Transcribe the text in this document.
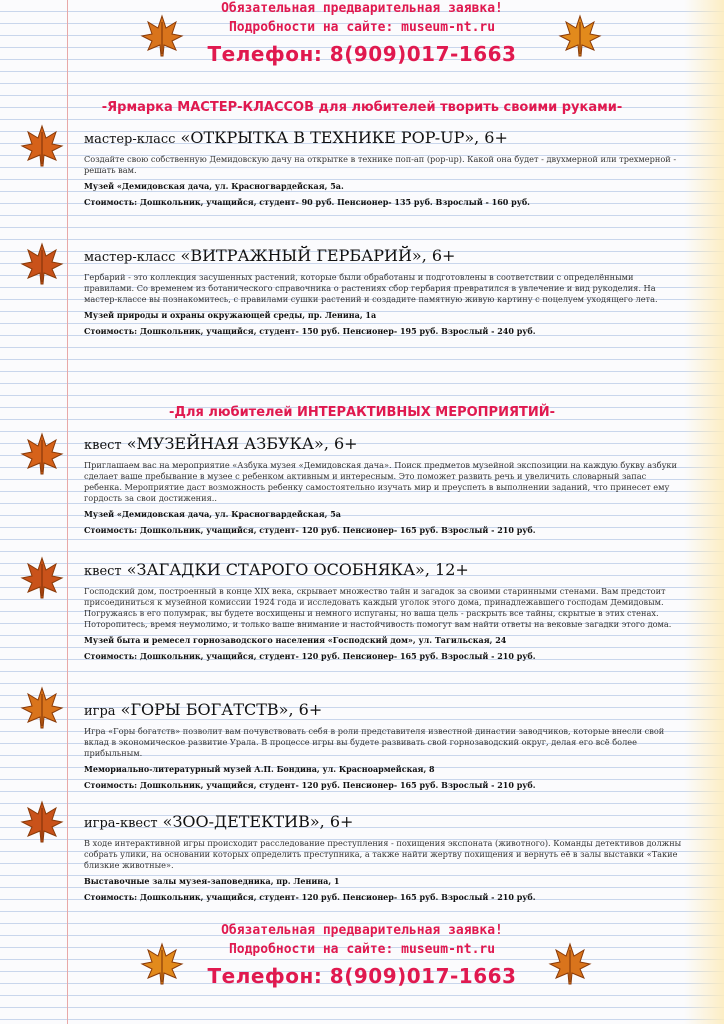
Обязательная предварительная заявка!
Подробности на сайте: museum-nt.ru
Телефон: 8(909)017-1663
-Ярмарка МАСТЕР-КЛАССОВ для любителей творить своими руками-
мастер-класс «ОТКРЫТКА В ТЕХНИКЕ POP-UP», 6+
Создайте свою собственную Демидовскую дачу на открытке в технике поп-ап (pop-up). Какой она будет - двухмерной или трехмерной - решать вам.
Музей «Демидовская дача, ул. Красногвардейская, 5а.
Стоимость: Дошкольник, учащийся, студент- 90 руб. Пенсионер- 135 руб. Взрослый - 160 руб.
мастер-класс «ВИТРАЖНЫЙ ГЕРБАРИЙ», 6+
Гербарий - это коллекция засушенных растений, которые были обработаны и подготовлены в соответствии с определёнными правилами. Со временем из ботанического справочника о растениях сбор гербария превратился в увлечение и вид рукоделия. На мастер-классе вы познакомитесь, с правилами сушки растений и создадите памятную живую картину с поцелуем уходящего лета.
Музей природы и охраны окружающей среды, пр. Ленина, 1а
Стоимость: Дошкольник, учащийся, студент- 150 руб. Пенсионер- 195 руб. Взрослый - 240 руб.
-Для любителей ИНТЕРАКТИВНЫХ МЕРОПРИЯТИЙ-
квест «МУЗЕЙНАЯ АЗБУКА», 6+
Приглашаем вас на мероприятие «Азбука музея «Демидовская дача». Поиск предметов музейной экспозиции на каждую букву азбуки сделает ваше пребывание в музее с ребенком активным и интересным. Это поможет развить речь и увеличить словарный запас ребенка. Мероприятие даст возможность ребенку самостоятельно изучать мир и преуспеть в выполнении заданий, что принесет ему гордость за свои достижения..
Музей «Демидовская дача, ул. Красногвардейская, 5а
Стоимость: Дошкольник, учащийся, студент- 120 руб. Пенсионер- 165 руб. Взрослый - 210 руб.
квест «ЗАГАДКИ СТАРОГО ОСОБНЯКА», 12+
Господский дом, построенный в конце XIX века, скрывает множество тайн и загадок за своими старинными стенами. Вам предстоит присоединиться к музейной комиссии 1924 года и исследовать каждый уголок этого дома, принадлежавшего господам Демидовым. Погружаясь в его полумрак, вы будете восхищены и немного испуганы, но ваша цель - раскрыть все тайны, скрытые в этих стенах. Поторопитесь, время неумолимо, и только ваше внимание и настойчивость помогут вам найти ответы на вековые загадки этого дома.
Музей быта и ремесел горнозаводского населения «Господский дом», ул. Тагильская, 24
Стоимость: Дошкольник, учащийся, студент- 120 руб. Пенсионер- 165 руб. Взрослый - 210 руб.
игра «ГОРЫ БОГАТСТВ», 6+
Игра «Горы богатств» позволит вам почувствовать себя в роли представителя известной династии заводчиков, которые внесли свой вклад в экономическое развитие Урала. В процессе игры вы будете развивать свой горнозаводский округ, делая его всё более прибыльным.
Мемориально-литературный музей А.П. Бондина, ул. Красноармейская, 8
Стоимость: Дошкольник, учащийся, студент- 120 руб. Пенсионер- 165 руб. Взрослый - 210 руб.
игра-квест «ЗОО-ДЕТЕКТИВ», 6+
В ходе интерактивной игры происходит расследование преступления - похищения экспоната (животного). Команды детективов должны собрать улики, на основании которых определить преступника, а также найти жертву похищения и вернуть её в залы выставки «Такие близкие животные».
Выставочные залы музея-заповедника, пр. Ленина, 1
Стоимость: Дошкольник, учащийся, студент- 120 руб. Пенсионер- 165 руб. Взрослый - 210 руб.
Обязательная предварительная заявка!
Подробности на сайте: museum-nt.ru
Телефон: 8(909)017-1663
